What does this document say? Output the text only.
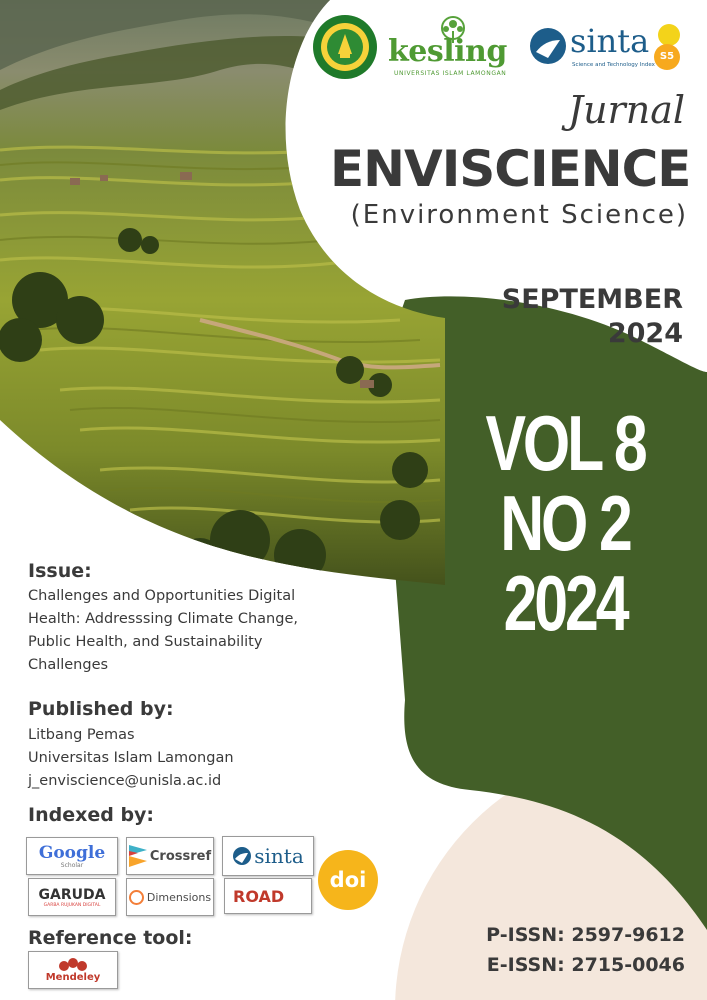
kesling
UNIVERSITAS ISLAM LAMONGAN
sinta
Science and Technology Index
S5
Jurnal
ENVISCIENCE
(Environment Science)
SEPTEMBER
2024
VOL 8
NO 2
2024
Issue:
Challenges and Opportunities Digital
Health: Addresssing Climate Change,
Public Health, and Sustainability
Challenges
Published by:
Litbang Pemas
Universitas Islam Lamongan
j_enviscience@unisla.ac.id
Indexed by:
Google
Scholar
Crossref sinta
GARUDA
GARBA RUJUKAN DIGITAL
Dimensions ROAD
doi
Reference tool:
Mendeley
P-ISSN: 2597-9612
E-ISSN: 2715-0046
